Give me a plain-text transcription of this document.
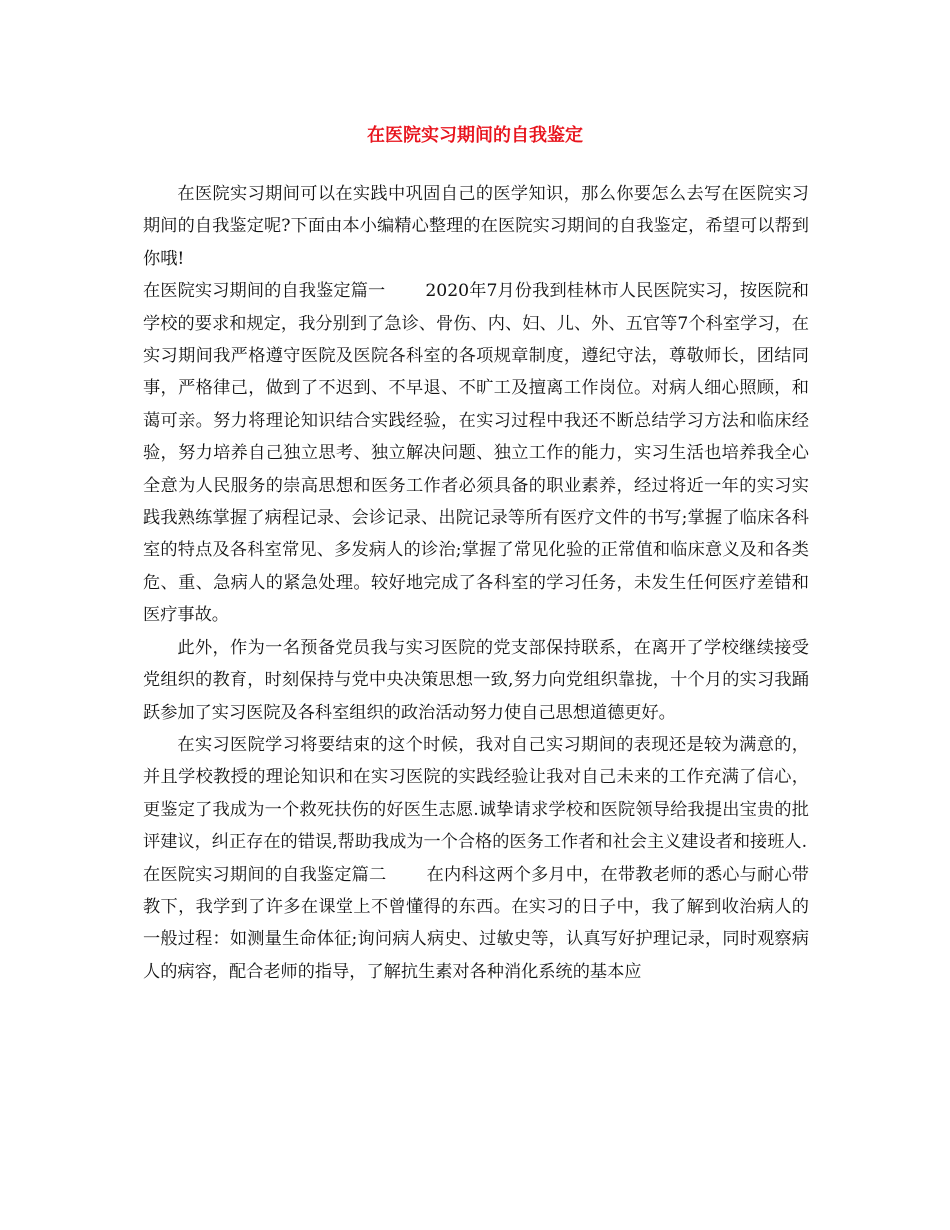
在医院实习期间的自我鉴定

在医院实习期间可以在实践中巩固自己的医学知识，那么你要怎么去写在医院实习期间的自我鉴定呢?下面由本小编精心整理的在医院实习期间的自我鉴定，希望可以帮到你哦!

在医院实习期间的自我鉴定篇一 2020年7月份我到桂林市人民医院实习，按医院和学校的要求和规定，我分别到了急诊、骨伤、内、妇、儿、外、五官等7个科室学习，在实习期间我严格遵守医院及医院各科室的各项规章制度，遵纪守法，尊敬师长，团结同事，严格律己，做到了不迟到、不早退、不旷工及擅离工作岗位。对病人细心照顾，和蔼可亲。努力将理论知识结合实践经验，在实习过程中我还不断总结学习方法和临床经验，努力培养自己独立思考、独立解决问题、独立工作的能力，实习生活也培养我全心全意为人民服务的崇高思想和医务工作者必须具备的职业素养，经过将近一年的实习实践我熟练掌握了病程记录、会诊记录、出院记录等所有医疗文件的书写;掌握了临床各科室的特点及各科室常见、多发病人的诊治;掌握了常见化验的正常值和临床意义及和各类危、重、急病人的紧急处理。较好地完成了各科室的学习任务，未发生任何医疗差错和医疗事故。

此外，作为一名预备党员我与实习医院的党支部保持联系，在离开了学校继续接受党组织的教育，时刻保持与党中央决策思想一致,努力向党组织靠拢，十个月的实习我踊跃参加了实习医院及各科室组织的政治活动努力使自己思想道德更好。

在实习医院学习将要结束的这个时候，我对自己实习期间的表现还是较为满意的，并且学校教授的理论知识和在实习医院的实践经验让我对自己未来的工作充满了信心，更鉴定了我成为一个救死扶伤的好医生志愿.诚挚请求学校和医院领导给我提出宝贵的批评建议，纠正存在的错误,帮助我成为一个合格的医务工作者和社会主义建设者和接班人.

在医院实习期间的自我鉴定篇二 在内科这两个多月中，在带教老师的悉心与耐心带教下，我学到了许多在课堂上不曾懂得的东西。在实习的日子中，我了解到收治病人的一般过程：如测量生命体征;询问病人病史、过敏史等，认真写好护理记录，同时观察病人的病容，配合老师的指导，了解抗生素对各种消化系统的基本应
